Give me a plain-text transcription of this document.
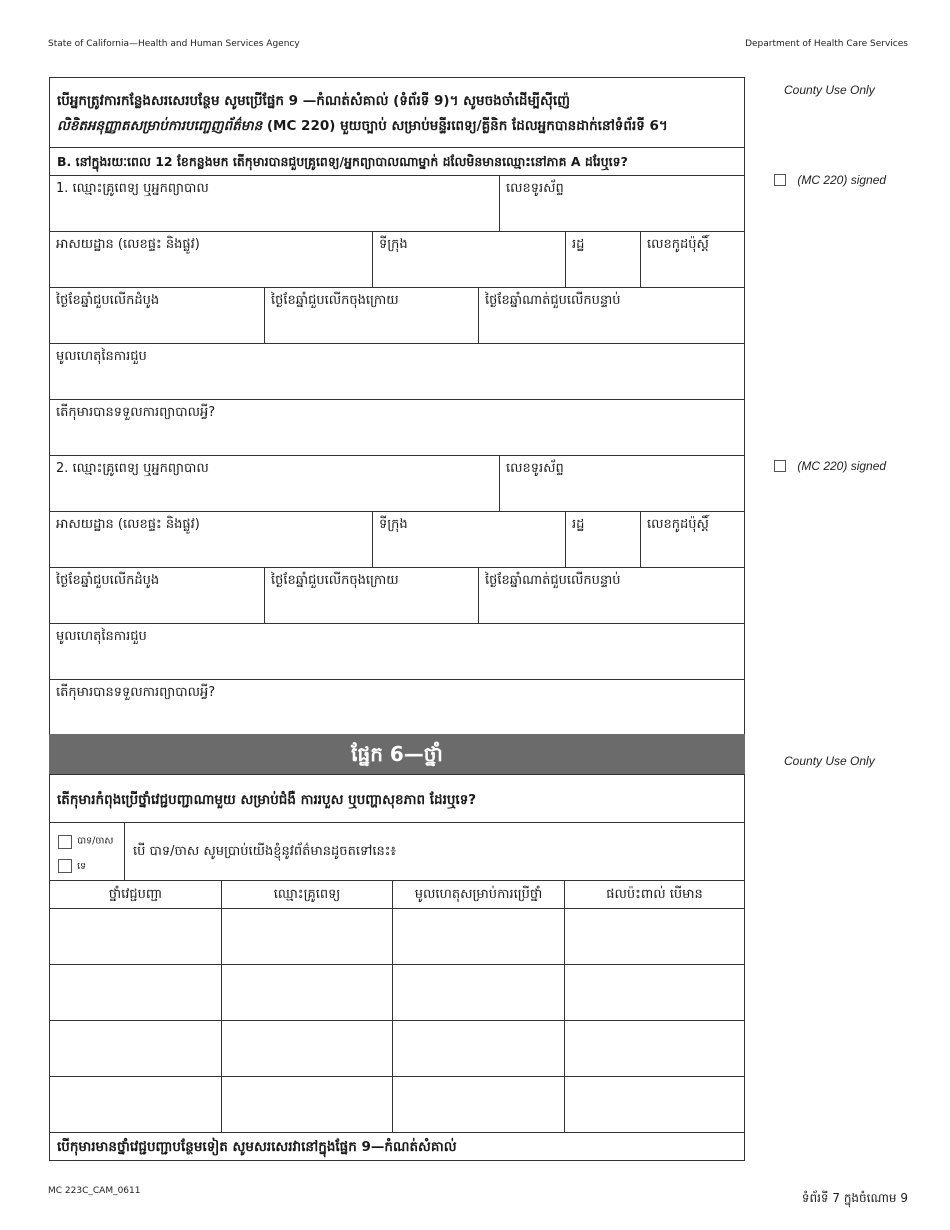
State of California—Health and Human Services Agency	Department of Health Care Services
បើអ្នកត្រូវការកន្លែងសរសេរបន្ថែម សូមប្រើផ្នែក 9 —កំណត់សំគាល់ (ទំព័រទី 9)។ សូមចងចាំដើម្បីស៊ីញ៉េ
លិខិតអនុញ្ញាតសម្រាប់ការបញ្ចេញព័ត៌មាន (MC 220) មួយច្បាប់ សម្រាប់មន្ទីរពេទ្យ/គ្លីនិក ដែលអ្នកបានដាក់នៅទំព័រទី 6។
B. នៅក្នុងរយៈពេល 12 ខែកន្លងមក តើកុមារបានជួបគ្រូពេទ្យ/អ្នកព្យាបាលណាម្នាក់ ដលែមិនមានឈ្មោះនៅភាគ A ដរែឬទេ?
1. ឈ្មោះគ្រូពេទ្យ ឬអ្នកព្យាបាល	លេខទូរស័ព្ទ
អាសយដ្ឋាន (លេខផ្ទះ និងផ្លូវ)	ទីក្រុង	រដ្ឋ	លេខកូដប៉ុស្ដិ៍
ថ្ងៃខែឆ្នាំជួបលើកដំបូង	ថ្ងៃខែឆ្នាំជួបលើកចុងក្រោយ	ថ្ងៃខែឆ្នាំណាត់ជួបលើកបន្ទាប់
មូលហេតុនៃការជួប
តើកុមារបានទទួលការព្យាបាលអ្វី?
2. ឈ្មោះគ្រូពេទ្យ ឬអ្នកព្យាបាល	លេខទូរស័ព្ទ
អាសយដ្ឋាន (លេខផ្ទះ និងផ្លូវ)	ទីក្រុង	រដ្ឋ	លេខកូដប៉ុស្ដិ៍
ថ្ងៃខែឆ្នាំជួបលើកដំបូង	ថ្ងៃខែឆ្នាំជួបលើកចុងក្រោយ	ថ្ងៃខែឆ្នាំណាត់ជួបលើកបន្ទាប់
មូលហេតុនៃការជួប
តើកុមារបានទទួលការព្យាបាលអ្វី?
ផ្នែក 6—ថ្នាំ
តើកុមារកំពុងប្រើថ្នាំវេជ្ជបញ្ជាណាមួយ សម្រាប់ជំងឺ ការរបួស ឬបញ្ហាសុខភាព ដែរឬទេ?
បាទ/ចាស
ទេ
បើ បាទ/ចាស សូមប្រាប់យើងខ្ញុំនូវព័ត៌មានដូចតទៅនេះ៖
ថ្នាំវេជ្ជបញ្ជា	ឈ្មោះគ្រូពេទ្យ	មូលហេតុសម្រាប់ការប្រើថ្នាំ	ផលប៉ះពាល់ បើមាន
បើកុមារមានថ្នាំវេជ្ជបញ្ជាបន្ថែមទៀត សូមសរសេរវានៅក្នុងផ្នែក 9—កំណត់សំគាល់
County Use Only
(MC 220) signed
(MC 220) signed
County Use Only
MC 223C_CAM_0611	ទំព័រទី 7 ក្នុងចំណោម 9
